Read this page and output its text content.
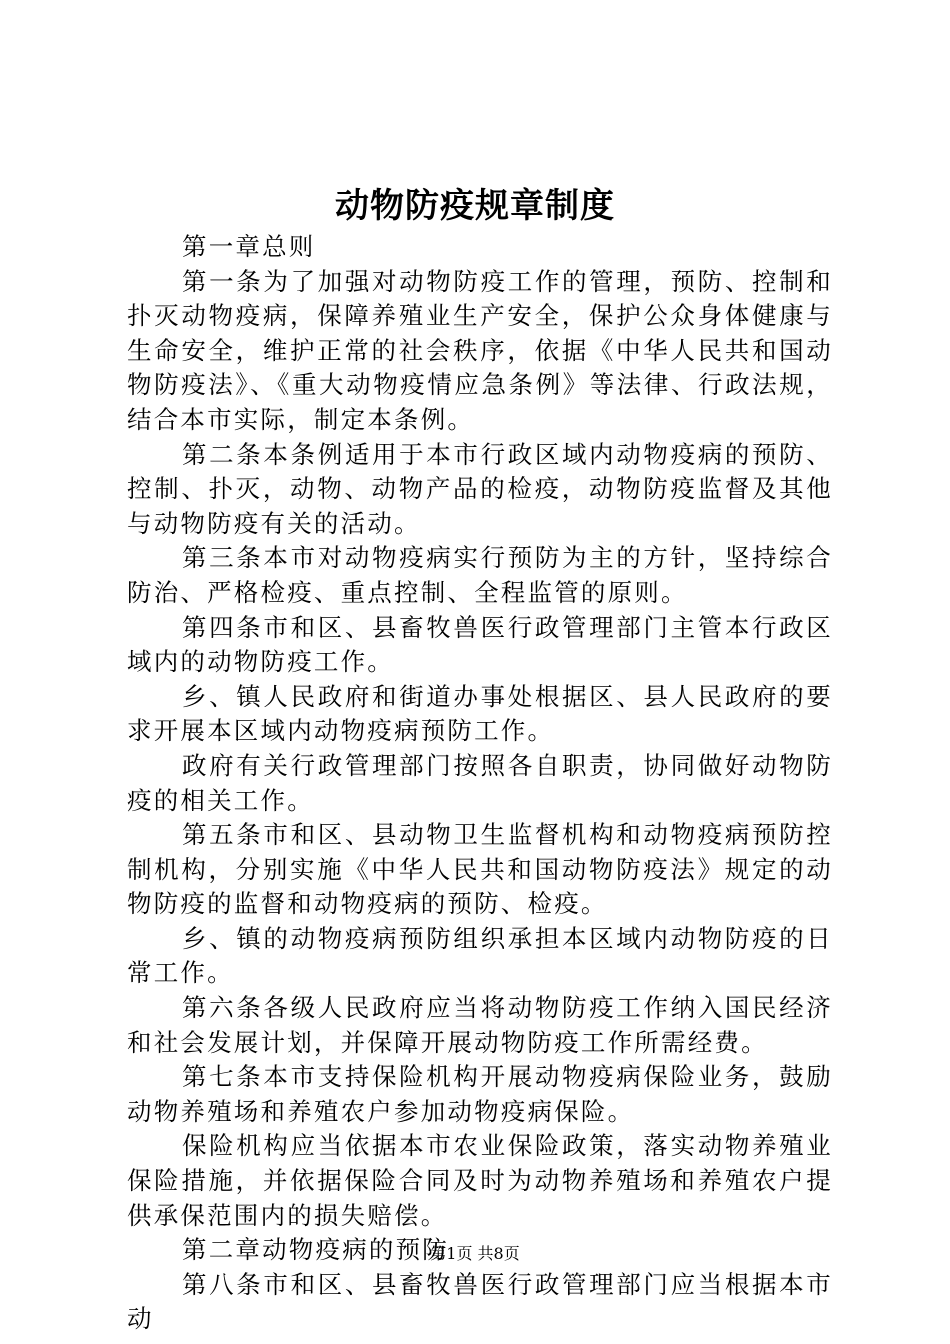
动物防疫规章制度

第一章总则

第一条为了加强对动物防疫工作的管理，预防、控制和扑灭动物疫病，保障养殖业生产安全，保护公众身体健康与生命安全，维护正常的社会秩序，依据《中华人民共和国动物防疫法》、《重大动物疫情应急条例》等法律、行政法规，结合本市实际，制定本条例。

第二条本条例适用于本市行政区域内动物疫病的预防、控制、扑灭，动物、动物产品的检疫，动物防疫监督及其他与动物防疫有关的活动。

第三条本市对动物疫病实行预防为主的方针，坚持综合防治、严格检疫、重点控制、全程监管的原则。

第四条市和区、县畜牧兽医行政管理部门主管本行政区域内的动物防疫工作。

乡、镇人民政府和街道办事处根据区、县人民政府的要求开展本区域内动物疫病预防工作。

政府有关行政管理部门按照各自职责，协同做好动物防疫的相关工作。

第五条市和区、县动物卫生监督机构和动物疫病预防控制机构，分别实施《中华人民共和国动物防疫法》规定的动物防疫的监督和动物疫病的预防、检疫。

乡、镇的动物疫病预防组织承担本区域内动物防疫的日常工作。

第六条各级人民政府应当将动物防疫工作纳入国民经济和社会发展计划，并保障开展动物防疫工作所需经费。

第七条本市支持保险机构开展动物疫病保险业务，鼓励动物养殖场和养殖农户参加动物疫病保险。

保险机构应当依据本市农业保险政策，落实动物养殖业保险措施，并依据保险合同及时为动物养殖场和养殖农户提供承保范围内的损失赔偿。

第二章动物疫病的预防

第八条市和区、县畜牧兽医行政管理部门应当根据本市动

第1页 共8页
